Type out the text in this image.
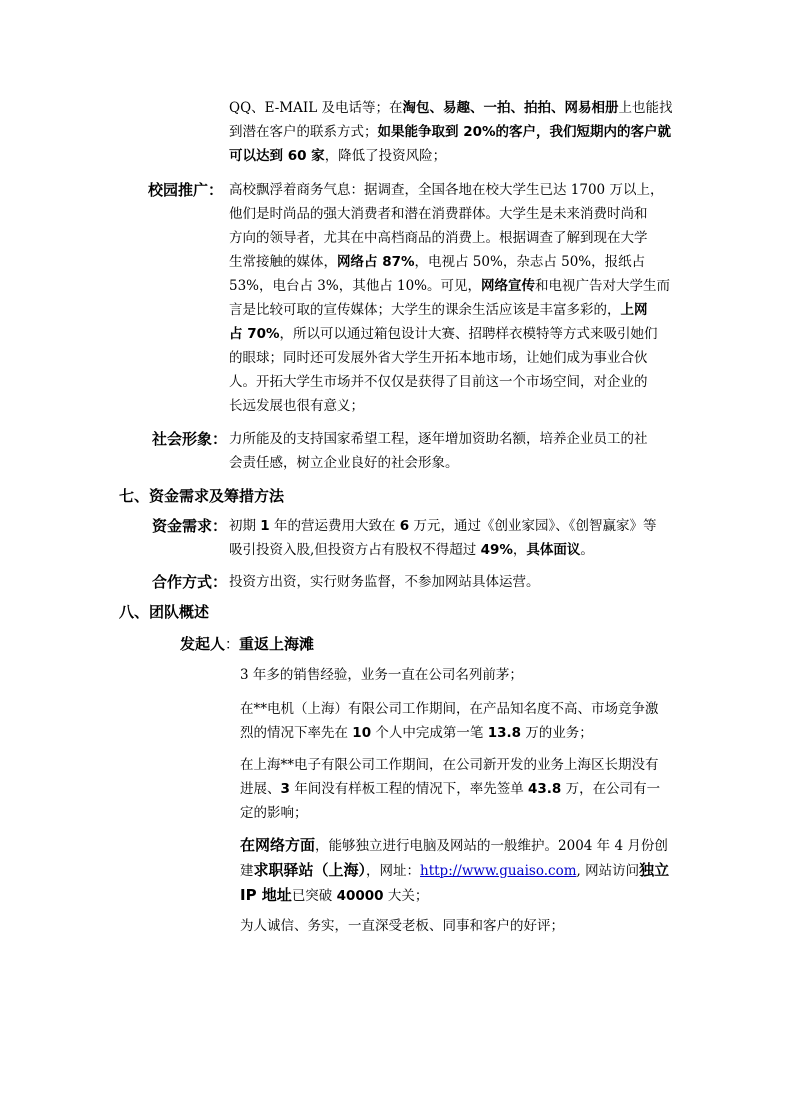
QQ、E-MAIL 及电话等；在淘包、易趣、一拍、拍拍、网易相册上也能找
到潜在客户的联系方式；如果能争取到 20%的客户，我们短期内的客户就
可以达到 60 家，降低了投资风险；
校园推广： 高校飘浮着商务气息：据调查，全国各地在校大学生已达 1700 万以上，
他们是时尚品的强大消费者和潜在消费群体。大学生是未来消费时尚和
方向的领导者，尤其在中高档商品的消费上。根据调查了解到现在大学
生常接触的媒体，网络占 87%，电视占 50%，杂志占 50%，报纸占
53%，电台占 3%，其他占 10%。可见，网络宣传和电视广告对大学生而
言是比较可取的宣传媒体；大学生的课余生活应该是丰富多彩的，上网
占 70%，所以可以通过箱包设计大赛、招聘样衣模特等方式来吸引她们
的眼球；同时还可发展外省大学生开拓本地市场，让她们成为事业合伙
人。开拓大学生市场并不仅仅是获得了目前这一个市场空间，对企业的
长远发展也很有意义；
社会形象： 力所能及的支持国家希望工程，逐年增加资助名额，培养企业员工的社
会责任感，树立企业良好的社会形象。
七、资金需求及筹措方法
资金需求： 初期 1 年的营运费用大致在 6 万元，通过《创业家园》、《创智赢家》等
吸引投资入股,但投资方占有股权不得超过 49%，具体面议。
合作方式： 投资方出资，实行财务监督，不参加网站具体运营。
八、团队概述
发起人：重返上海滩
3 年多的销售经验，业务一直在公司名列前茅；
在**电机（上海）有限公司工作期间，在产品知名度不高、市场竞争激
烈的情况下率先在 10 个人中完成第一笔 13.8 万的业务；
在上海**电子有限公司工作期间，在公司新开发的业务上海区长期没有
进展、3 年间没有样板工程的情况下，率先签单 43.8 万，在公司有一
定的影响；
在网络方面，能够独立进行电脑及网站的一般维护。2004 年 4 月份创
建求职驿站（上海），网址：http://www.guaiso.com, 网站访问独立
IP 地址已突破 40000 大关；
为人诚信、务实，一直深受老板、同事和客户的好评；
